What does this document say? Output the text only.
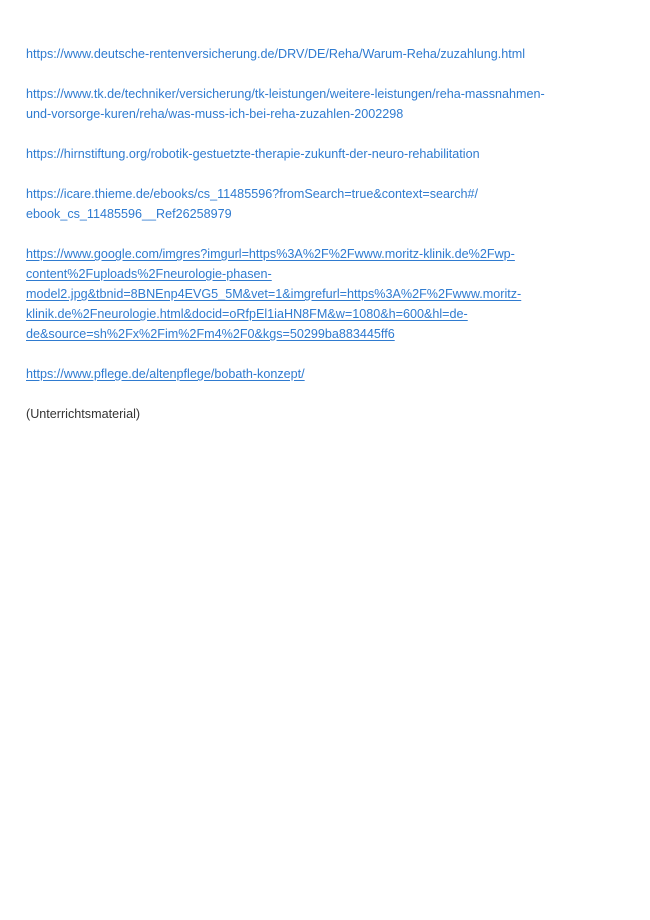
https://www.deutsche-rentenversicherung.de/DRV/DE/Reha/Warum-Reha/zuzahlung.html
https://www.tk.de/techniker/versicherung/tk-leistungen/weitere-leistungen/reha-massnahmen-
und-vorsorge-kuren/reha/was-muss-ich-bei-reha-zuzahlen-2002298
https://hirnstiftung.org/robotik-gestuetzte-therapie-zukunft-der-neuro-rehabilitation
https://icare.thieme.de/ebooks/cs_11485596?fromSearch=true&context=search#/
ebook_cs_11485596__Ref26258979
https://www.google.com/imgres?imgurl=https%3A%2F%2Fwww.moritz-klinik.de%2Fwp-
content%2Fuploads%2Fneurologie-phasen-
model2.jpg&tbnid=8BNEnp4EVG5_5M&vet=1&imgrefurl=https%3A%2F%2Fwww.moritz-
klinik.de%2Fneurologie.html&docid=oRfpEl1iaHN8FM&w=1080&h=600&hl=de-
de&source=sh%2Fx%2Fim%2Fm4%2F0&kgs=50299ba883445ff6
https://www.pflege.de/altenpflege/bobath-konzept/
(Unterrichtsmaterial)
